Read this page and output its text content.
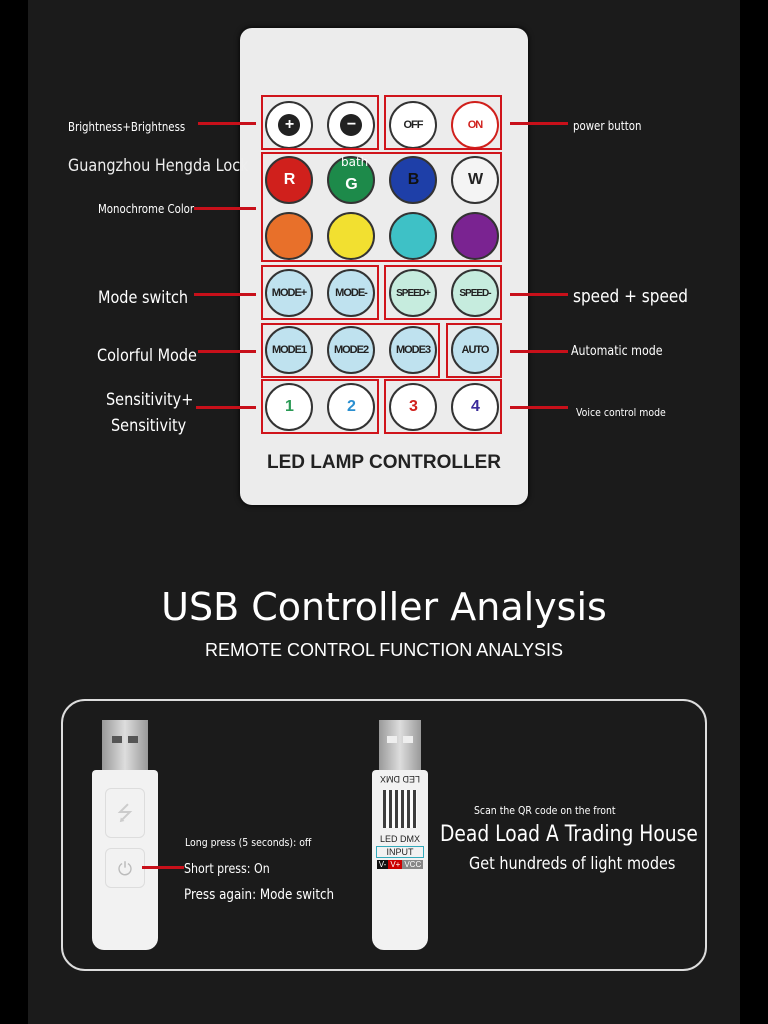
+	−	OFF	ON
R	G	B	W
MODE+	MODE-	SPEED+	SPEED-
MODE1	MODE2	MODE3	AUTO
1	2	3	4
LED LAMP CONTROLLER
Brightness+Brightness
Guangzhou Hengda Lock	bath
Monochrome Color
Mode switch
Colorful Mode
Sensitivity+
Sensitivity
power button
speed + speed
Automatic mode
Voice control mode
USB Controller Analysis
REMOTE CONTROL FUNCTION ANALYSIS
⭍
⏻
Long press (5 seconds): off
Short press: On
Press again: Mode switch
LED DMX
LED DMX
INPUT
V- V+ VCC
Scan the QR code on the front
Dead Load A Trading House
Get hundreds of light modes
